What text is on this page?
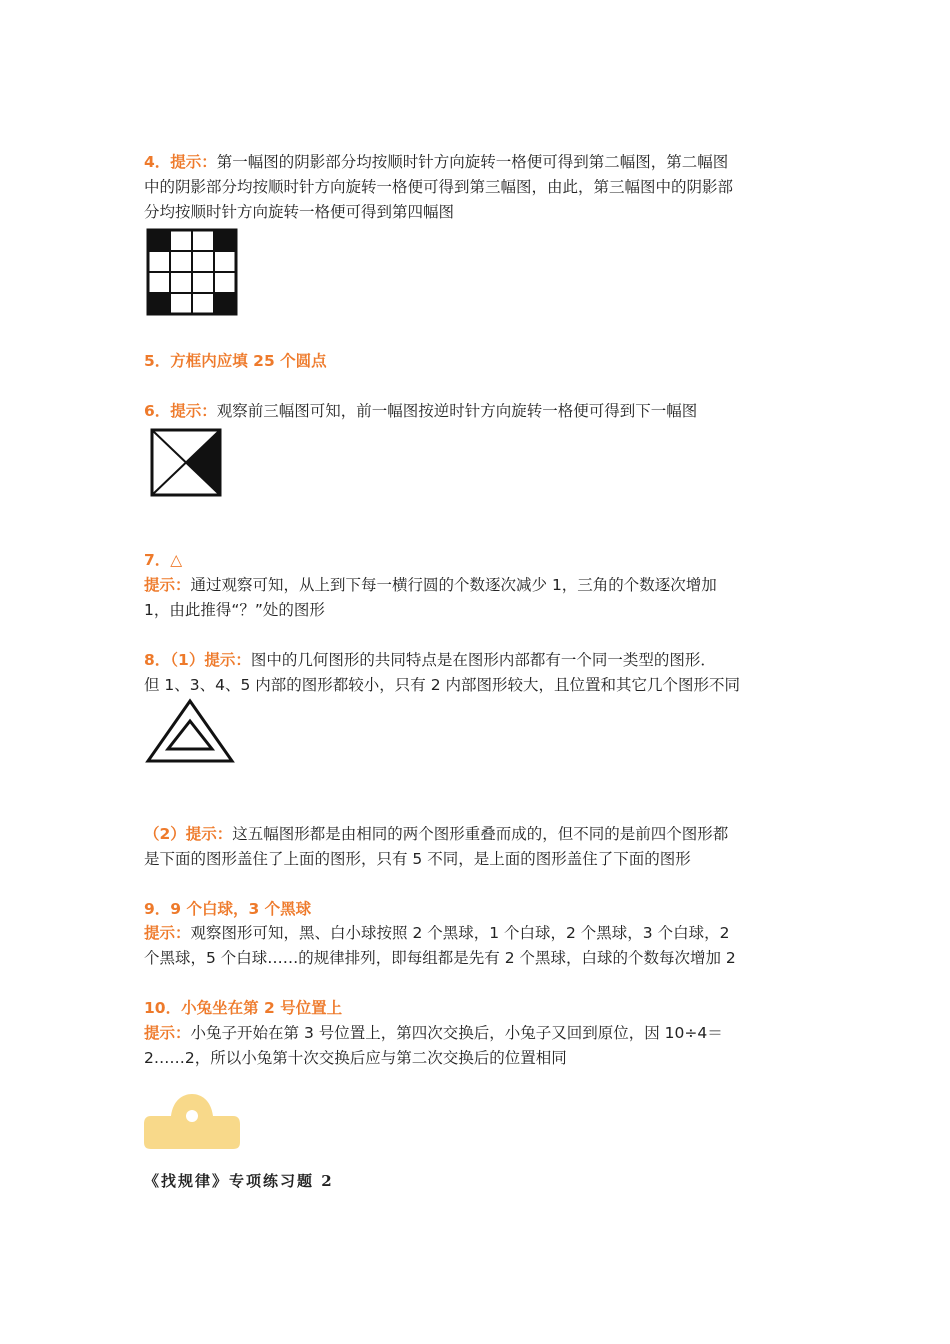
4．提示：第一幅图的阴影部分均按顺时针方向旋转一格便可得到第二幅图，第二幅图
中的阴影部分均按顺时针方向旋转一格便可得到第三幅图，由此，第三幅图中的阴影部
分均按顺时针方向旋转一格便可得到第四幅图
5．方框内应填 25 个圆点
6．提示：观察前三幅图可知，前一幅图按逆时针方向旋转一格便可得到下一幅图
7．△
提示：通过观察可知，从上到下每一横行圆的个数逐次减少 1，三角的个数逐次增加
1，由此推得“？”处的图形
8．（1）提示：图中的几何图形的共同特点是在图形内部都有一个同一类型的图形．
但 1、3、4、5 内部的图形都较小，只有 2 内部图形较大，且位置和其它几个图形不同
（2）提示：这五幅图形都是由相同的两个图形重叠而成的，但不同的是前四个图形都
是下面的图形盖住了上面的图形，只有 5 不同，是上面的图形盖住了下面的图形
9．9 个白球，3 个黑球
提示：观察图形可知，黑、白小球按照 2 个黑球，1 个白球，2 个黑球，3 个白球，2
个黑球，5 个白球……的规律排列，即每组都是先有 2 个黑球，白球的个数每次增加 2
10．小兔坐在第 2 号位置上
提示：小兔子开始在第 3 号位置上，第四次交换后，小兔子又回到原位，因 10÷4＝
2……2，所以小兔第十次交换后应与第二次交换后的位置相同
《找规律》专项练习题 2
